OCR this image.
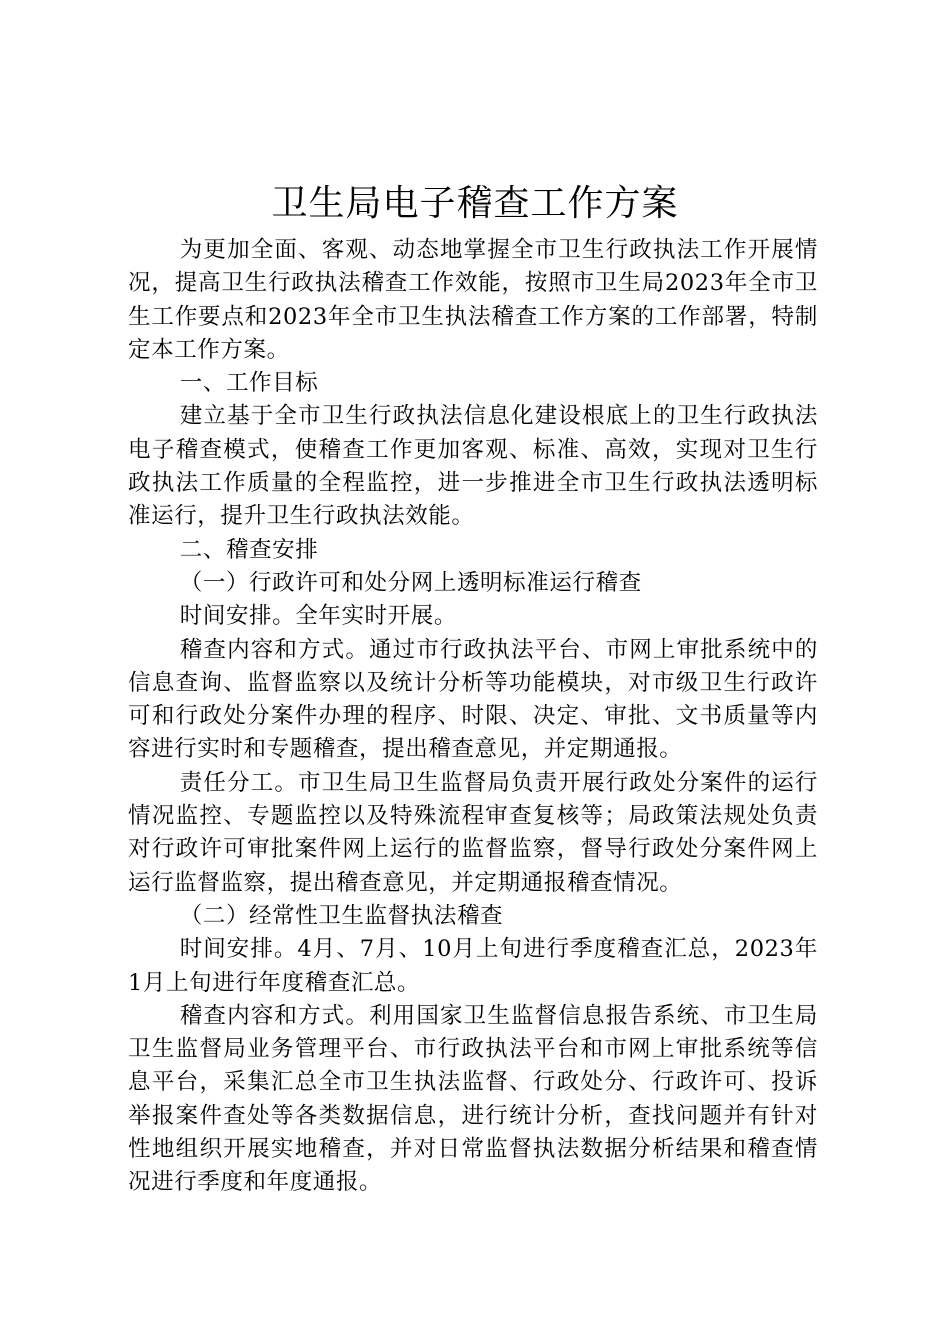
卫生局电子稽查工作方案

为更加全面、客观、动态地掌握全市卫生行政执法工作开展情况，提高卫生行政执法稽查工作效能，按照市卫生局2023年全市卫生工作要点和2023年全市卫生执法稽查工作方案的工作部署，特制定本工作方案。

一、工作目标

建立基于全市卫生行政执法信息化建设根底上的卫生行政执法电子稽查模式，使稽查工作更加客观、标准、高效，实现对卫生行政执法工作质量的全程监控，进一步推进全市卫生行政执法透明标准运行，提升卫生行政执法效能。

二、稽查安排

（一）行政许可和处分网上透明标准运行稽查

时间安排。全年实时开展。

稽查内容和方式。通过市行政执法平台、市网上审批系统中的信息查询、监督监察以及统计分析等功能模块，对市级卫生行政许可和行政处分案件办理的程序、时限、决定、审批、文书质量等内容进行实时和专题稽查，提出稽查意见，并定期通报。

责任分工。市卫生局卫生监督局负责开展行政处分案件的运行情况监控、专题监控以及特殊流程审查复核等；局政策法规处负责对行政许可审批案件网上运行的监督监察，督导行政处分案件网上运行监督监察，提出稽查意见，并定期通报稽查情况。

（二）经常性卫生监督执法稽查

时间安排。4月、7月、10月上旬进行季度稽查汇总，2023年1月上旬进行年度稽查汇总。

稽查内容和方式。利用国家卫生监督信息报告系统、市卫生局卫生监督局业务管理平台、市行政执法平台和市网上审批系统等信息平台，采集汇总全市卫生执法监督、行政处分、行政许可、投诉举报案件查处等各类数据信息，进行统计分析，查找问题并有针对性地组织开展实地稽查，并对日常监督执法数据分析结果和稽查情况进行季度和年度通报。
